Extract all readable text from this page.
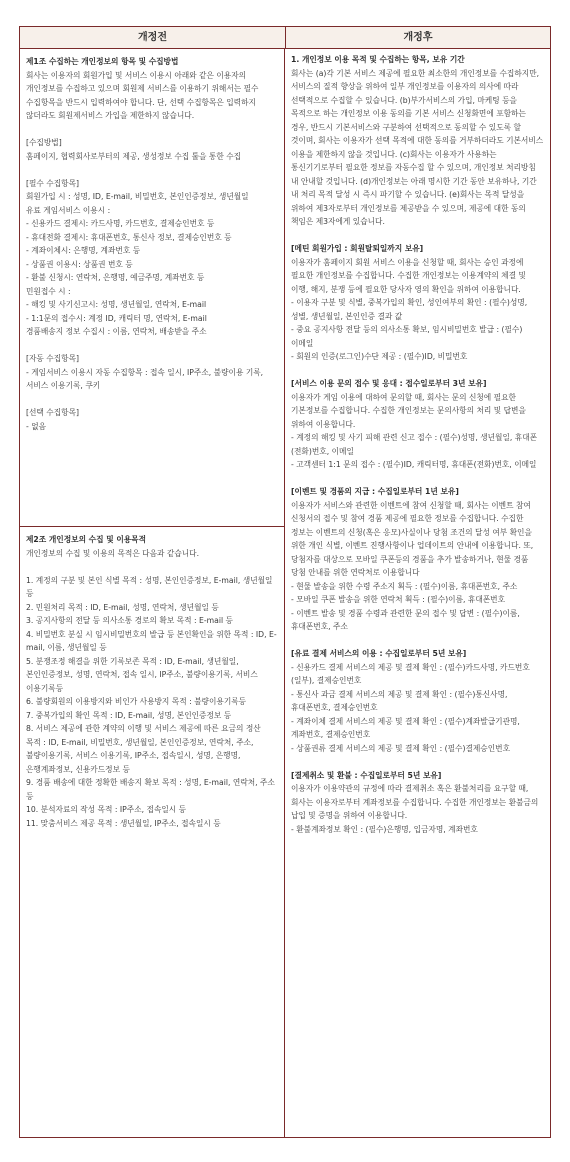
개정전	개정후
제1조 수집하는 개인정보의 항목 및 수집방법
회사는 이용자의 회원가입 및 서비스 이용시 아래와 같은 이용자의 개인정보를 수집하고 있으며 회원제 서비스를 이용하기 위해서는 필수 수집항목을 반드시 입력하여야 합니다. 단, 선택 수집항목은 입력하지 않더라도 회원제서비스 가입을 제한하지 않습니다.
[수집방법]
홈페이지, 협력회사로부터의 제공, 생성정보 수집 툴을 통한 수집
[필수 수집항목]
회원가입 시 : 성명, ID, E-mail, 비밀번호, 본인인증정보, 생년월일
유료 게임서비스 이용시 :
- 신용카드 결제시: 카드사명, 카드번호, 결제승인번호 등
- 휴대전화 결제시: 휴대폰번호, 통신사 정보, 결제승인번호 등
- 계좌이체시: 은행명, 계좌번호 등
- 상품권 이용시: 상품권 번호 등
- 환불 신청시: 연락처, 은행명, 예금주명, 계좌번호 등
민원접수 시 :
- 해킹 및 사기신고시: 성명, 생년월일, 연락처, E-mail
- 1:1문의 접수시: 계정 ID, 캐릭터 명, 연락처, E-mail
경품배송지 정보 수집시 : 이름, 연락처, 배송받을 주소
[자동 수집항목]
- 게임서비스 이용시 자동 수집항목 : 접속 일시, IP주소, 불량이용 기록, 서비스 이용기록, 쿠키
[선택 수집항목]
- 없음
제2조 개인정보의 수집 및 이용목적
개인정보의 수집 및 이용의 목적은 다음과 같습니다.
1. 계정의 구분 및 본인 식별 목적 : 성명, 본인인증정보, E-mail, 생년월일 등
2. 민원처리 목적 : ID, E-mail, 성명, 연락처, 생년월일 등
3. 공지사항의 전달 등 의사소통 경로의 확보 목적 : E-mail 등
4. 비밀번호 분실 시 임시비밀번호의 발급 등 본인확인을 위한 목적 : ID, E-mail, 이름, 생년월일 등
5. 분쟁조정 해결을 위한 기록보존 목적 : ID, E-mail, 생년월일, 본인인증정보, 성명, 연락처, 접속 일시, IP주소, 불량이용기록, 서비스 이용기록등
6. 불량회원의 이용방지와 비인가 사용방지 목적 : 불량이용기록등
7. 중복가입의 확인 목적 : ID, E-mail, 성명, 본인인증정보 등
8. 서비스 제공에 관한 계약의 이행 및 서비스 제공에 따른 요금의 정산 목적 : ID, E-mail, 비밀번호, 생년월일, 본인인증정보, 연락처, 주소, 불량이용기록, 서비스 이용기록, IP주소, 접속일시, 성명, 은행명, 은행계좌정보, 신용카드정보 등
9. 경품 배송에 대한 정확한 배송지 확보 목적 : 성명, E-mail, 연락처, 주소 등
10. 분석자료의 작성 목적 : IP주소, 접속일시 등
11. 맞춤서비스 제공 목적 : 생년월일, IP주소, 접속일시 등
1. 개인정보 이용 목적 및 수집하는 항목, 보유 기간
회사는 (a)각 기본 서비스 제공에 필요한 최소한의 개인정보를 수집하지만, 서비스의 질적 향상을 위하여 일부 개인정보를 이용자의 의사에 따라 선택적으로 수집할 수 있습니다. (b)부가서비스의 가입, 마케팅 등을 목적으로 하는 개인정보 이용 동의를 기본 서비스 신청화면에 포함하는 경우, 반드시 기본서비스와 구분하여 선택적으로 동의할 수 있도록 할 것이며, 회사는 이용자가 선택 목적에 대한 동의를 거부하더라도 기본서비스 이용을 제한하지 않을 것입니다. (c)회사는 이용자가 사용하는 통신기기로부터 필요한 정보를 자동수집 할 수 있으며, 개인정보 처리방침 내 안내할 것입니다. (d)개인정보는 아래 명시한 기간 동안 보유하나, 기간 내 처리 목적 달성 시 즉시 파기할 수 있습니다. (e)회사는 목적 달성을 위하여 제3자로부터 개인정보를 제공받을 수 있으며, 제공에 대한 동의 책임은 제3자에게 있습니다.
[메틴 회원가입 : 회원탈퇴일까지 보유]
이용자가 홈페이지 회원 서비스 이용을 신청할 때, 회사는 승인 과정에 필요한 개인정보를 수집합니다. 수집한 개인정보는 이용계약의 체결 및 이행, 해지, 분쟁 등에 필요한 당사자 영의 확인을 위하여 이용합니다.
- 이용자 구분 및 식별, 중복가입의 확인, 성인여부의 확인 : (필수)성명, 성별, 생년월일, 본인인증 결과 값
- 중요 공지사항 전달 등의 의사소통 확보, 임시비밀번호 발급 : (필수)이메일
- 회원의 인증(로그인)수단 제공 : (필수)ID, 비밀번호
[서비스 이용 문의 접수 및 응대 : 접수일로부터 3년 보유]
이용자가 게임 이용에 대하여 문의할 때, 회사는 문의 신청에 필요한 기본정보를 수집합니다. 수집한 개인정보는 문의사항의 처리 및 답변을 위하여 이용합니다.
- 계정의 해킹 및 사기 피해 관련 신고 접수 : (필수)성명, 생년월일, 휴대폰(전화)번호, 이메일
- 고객센터 1:1 문의 접수 : (필수)ID, 캐릭터명, 휴대폰(전화)번호, 이메일
[이벤트 및 경품의 지급 : 수집일로부터 1년 보유]
이용자가 서비스와 관련한 이벤트에 참여 신청할 때, 회사는 이벤트 참여 신청서의 접수 및 참여 경품 제공에 필요한 정보를 수집합니다. 수집한 정보는 이벤트의 신청(혹은 응모)사실이나 당첨 조건의 달성 여부 확인을 위한 개인 식별, 이벤트 진행사항이나 업데이트의 안내에 이용합니다. 또, 당첨자를 대상으로 모바일 쿠폰등의 경품을 추가 발송하거나, 현물 경품 당첨 안내를 위한 연락처로 이용합니다
- 현물 발송을 위한 수령 주소지 획득 : (필수)이름, 휴대폰번호, 주소
- 모바일 쿠폰 발송을 위한 연락처 획득 : (필수)이름, 휴대폰번호
- 이벤트 발송 및 경품 수령과 관련한 문의 접수 및 답변 : (필수)이름, 휴대폰번호, 주소
[유료 결제 서비스의 이용 : 수집일로부터 5년 보유]
- 신용카드 결제 서비스의 제공 및 결제 확인 : (필수)카드사명, 카드번호(일부), 결제승인번호
- 통신사 과금 결제 서비스의 제공 및 결제 확인 : (필수)통신사명, 휴대폰번호, 결제승인번호
- 계좌이체 결제 서비스의 제공 및 결제 확인 : (필수)계좌발급기관명, 계좌번호, 결제승인번호
- 상품권류 결제 서비스의 제공 및 결제 확인 : (필수)결제승인번호
[결제취소 및 환불 : 수집일로부터 5년 보유]
이용자가 이용약관의 규정에 따라 결제취소 혹은 환불처리를 요구할 때, 회사는 이용자로부터 계좌정보를 수집합니다. 수집한 개인정보는 환불금의 납입 및 증명을 위하여 이용합니다.
- 환불계좌정보 확인 : (필수)은행명, 입금자명, 계좌번호
